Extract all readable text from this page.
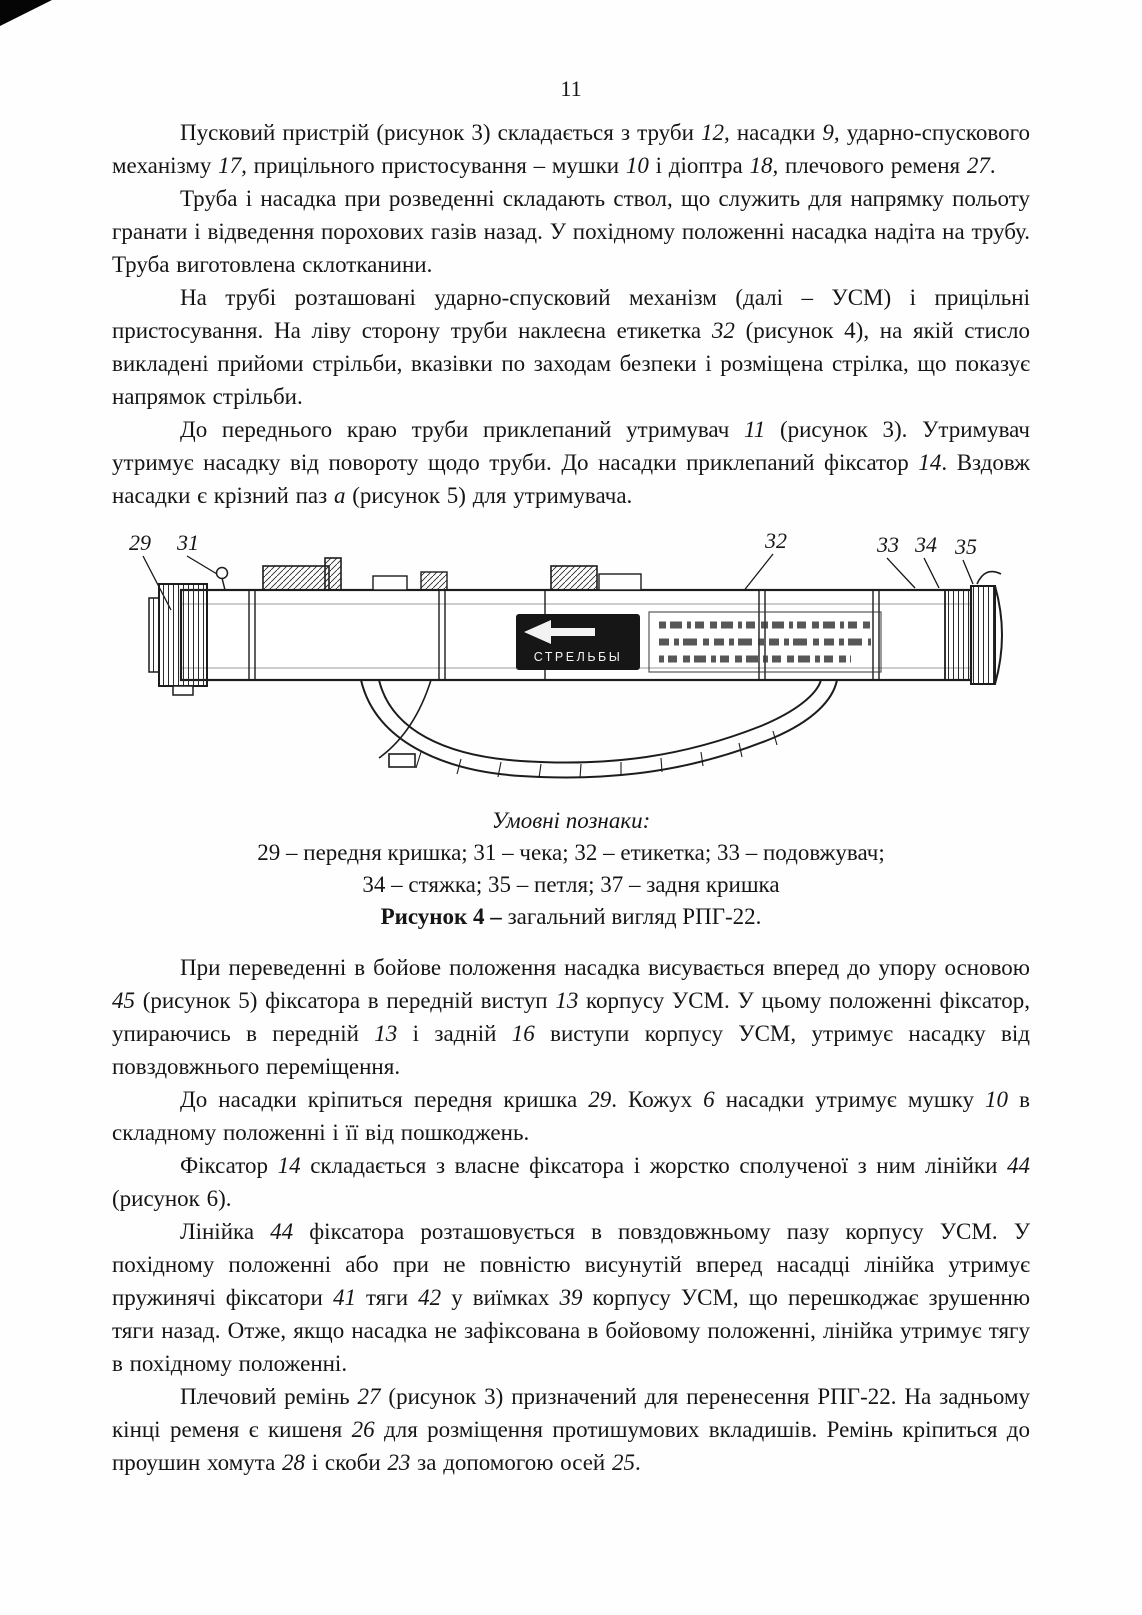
11

Пусковий пристрій (рисунок 3) складається з труби 12, насадки 9, ударно-спускового механізму 17, прицільного пристосування – мушки 10 і діоптра 18, плечового ременя 27.

Труба і насадка при розведенні складають ствол, що служить для напрямку польоту гранати і відведення порохових газів назад. У похідному положенні насадка надіта на трубу. Труба виготовлена склотканини.

На трубі розташовані ударно-спусковий механізм (далі – УСМ) і прицільні пристосування. На ліву сторону труби наклеєна етикетка 32 (рисунок 4), на якій стисло викладені прийоми стрільби, вказівки по заходам безпеки і розміщена стрілка, що показує напрямок стрільби.

До переднього краю труби приклепаний утримувач 11 (рисунок 3). Утримувач утримує насадку від повороту щодо труби. До насадки приклепаний фіксатор 14. Вздовж насадки є крізний паз а (рисунок 5) для утримувача.

29 31	32	33 34 35
СТРЕЛЬБЫ
Умовні познаки:
29 – передня кришка; 31 – чека; 32 – етикетка; 33 – подовжувач;
34 – стяжка; 35 – петля; 37 – задня кришка
Рисунок 4 – загальний вигляд РПГ-22.

При переведенні в бойове положення насадка висувається вперед до упору основою 45 (рисунок 5) фіксатора в передній виступ 13 корпусу УСМ. У цьому положенні фіксатор, упираючись в передній 13 і задній 16 виступи корпусу УСМ, утримує насадку від повздовжнього переміщення.

До насадки кріпиться передня кришка 29. Кожух 6 насадки утримує мушку 10 в складному положенні і її від пошкоджень.

Фіксатор 14 складається з власне фіксатора і жорстко сполученої з ним лінійки 44 (рисунок 6).

Лінійка 44 фіксатора розташовується в повздовжньому пазу корпусу УСМ. У похідному положенні або при не повністю висунутій вперед насадці лінійка утримує пружинячі фіксатори 41 тяги 42 у виїмках 39 корпусу УСМ, що перешкоджає зрушенню тяги назад. Отже, якщо насадка не зафіксована в бойовому положенні, лінійка утримує тягу в похідному положенні.

Плечовий ремінь 27 (рисунок 3) призначений для перенесення РПГ-22. На задньому кінці ременя є кишеня 26 для розміщення протишумових вкладишів. Ремінь кріпиться до проушин хомута 28 і скоби 23 за допомогою осей 25.
